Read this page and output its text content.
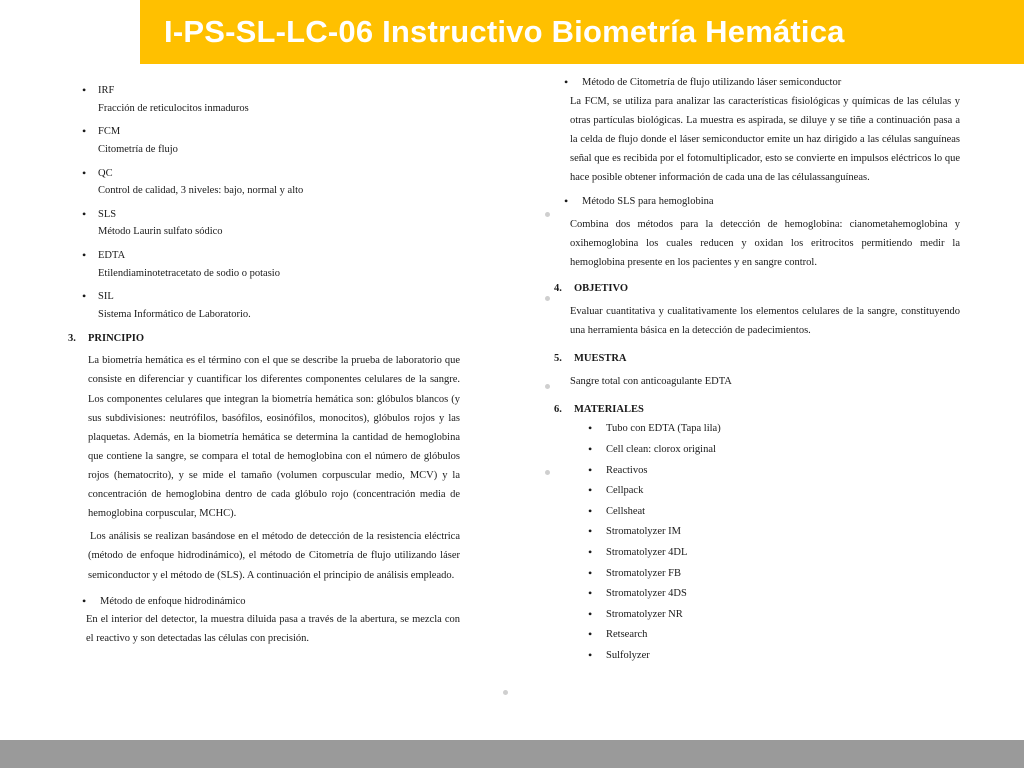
I-PS-SL-LC-06 Instructivo Biometría Hemática
• IRF
Fracción de reticulocitos inmaduros
• FCM
Citometría de flujo
• QC
Control de calidad, 3 niveles: bajo, normal y alto
• SLS
Método Laurin sulfato sódico
• EDTA
Etilendiaminotetracetato de sodio o potasio
• SIL
Sistema Informático de Laboratorio.
3.	PRINCIPIO
La biometría hemática es el término con el que se describe la prueba de laboratorio que consiste en diferenciar y cuantificar los diferentes componentes celulares de la sangre. Los componentes celulares que integran la biometría hemática son: glóbulos blancos (y sus subdivisiones: neutrófilos, basófilos, eosinófilos, monocitos), glóbulos rojos y las plaquetas. Además, en la biometría hemática se determina la cantidad de hemoglobina que contiene la sangre, se compara el total de hemoglobina con el número de glóbulos rojos (hematocrito), y se mide el tamaño (volumen corpuscular medio, MCV) y la concentración de hemoglobina dentro de cada glóbulo rojo (concentración media de hemoglobina corpuscular, MCHC).
Los análisis se realizan basándose en el método de detección de la resistencia eléctrica (método de enfoque hidrodinámico), el método de Citometría de flujo utilizando láser semiconductor y el método de (SLS). A continuación el principio de análisis empleado.
• Método de enfoque hidrodinámico
En el interior del detector, la muestra diluida pasa a través de la abertura, se mezcla con el reactivo y son detectadas las células con precisión.
• Método de Citometría de flujo utilizando láser semiconductor
La FCM, se utiliza para analizar las características fisiológicas y químicas de las células y otras partículas biológicas. La muestra es aspirada, se diluye y se tiñe a continuación pasa a la celda de flujo donde el láser semiconductor emite un haz dirigido a las células sanguíneas señal que es recibida por el fotomultiplicador, esto se convierte en impulsos eléctricos lo que hace posible obtener información de cada una de las célulassanguíneas.
• Método SLS para hemoglobina
Combina dos métodos para la detección de hemoglobina: cianometahemoglobina y oxihemoglobina los cuales reducen y oxidan los eritrocitos permitiendo medir la hemoglobina presente en los pacientes y en sangre control.
4.	OBJETIVO
Evaluar cuantitativa y cualitativamente los elementos celulares de la sangre, constituyendo una herramienta básica en la detección de padecimientos.
5.	MUESTRA
Sangre total con anticoagulante EDTA
6.	MATERIALES
• Tubo con EDTA (Tapa lila)
• Cell clean: clorox original
• Reactivos
• Cellpack
• Cellsheat
• Stromatolyzer IM
• Stromatolyzer 4DL
• Stromatolyzer FB
• Stromatolyzer 4DS
• Stromatolyzer NR
• Retsearch
• Sulfolyzer
